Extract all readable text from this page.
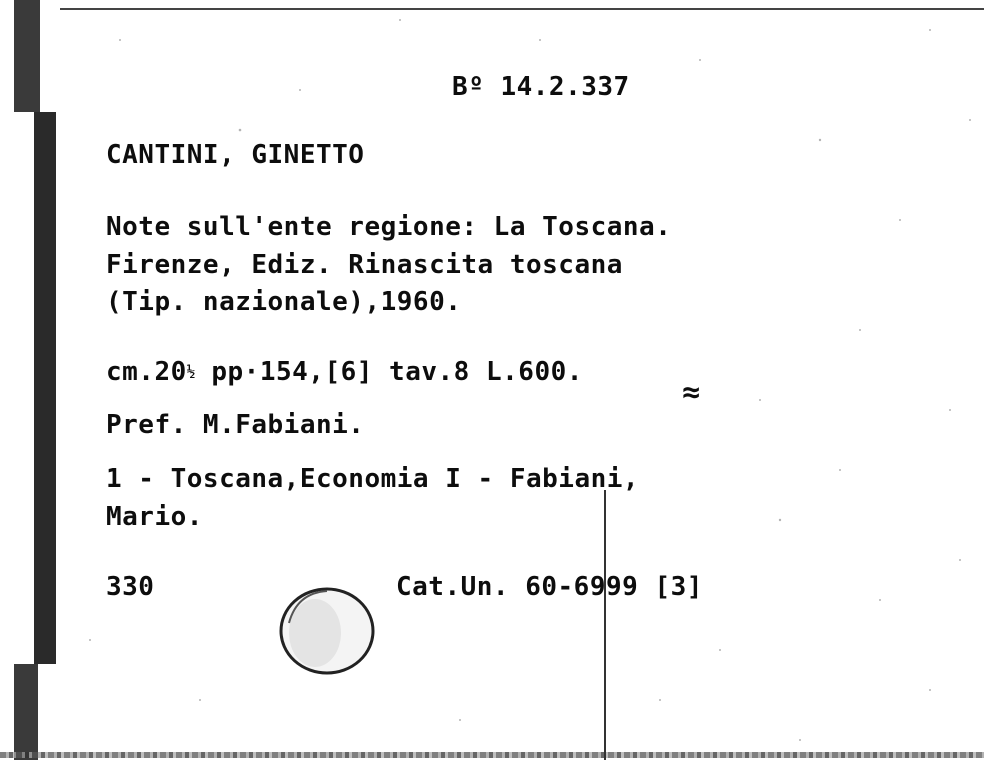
Bº 14.2.337
CANTINI, GINETTO
Note sull'ente regione: La Toscana.
Firenze, Ediz. Rinascita toscana
(Tip. nazionale),1960.
cm.20½ pp·154,[6] tav.8 L.600.
≈
Pref. M.Fabiani.
1 - Toscana,Economia I - Fabiani,
Mario.
330	Cat.Un. 60-6999 [3]
